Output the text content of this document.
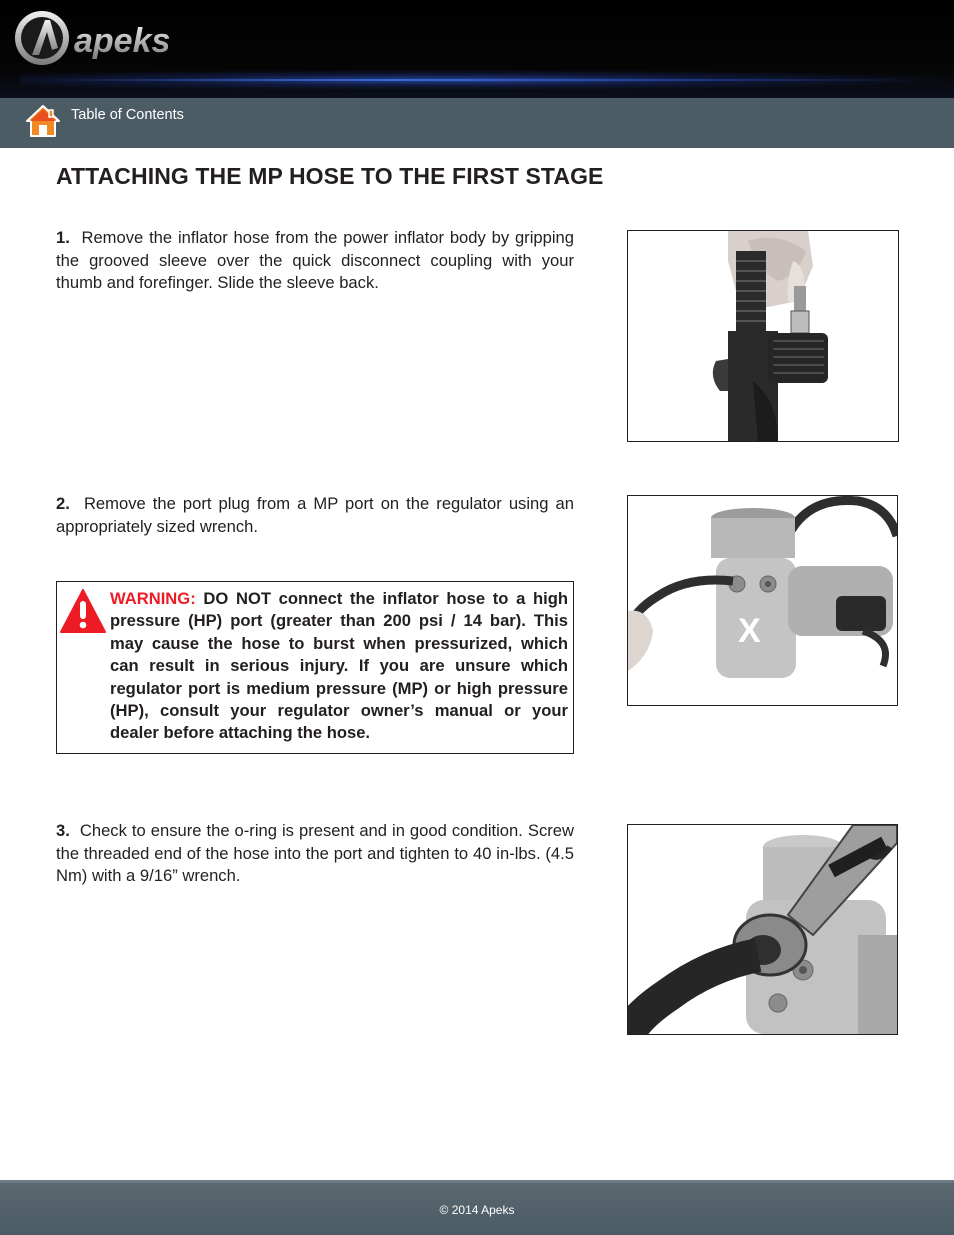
apeks
Table of Contents
ATTACHING THE MP HOSE TO THE FIRST STAGE

1. Remove the inflator hose from the power inflator body by gripping the grooved sleeve over the quick disconnect coupling with your thumb and forefinger. Slide the sleeve back.

2. Remove the port plug from a MP port on the regulator using an appropriately sized wrench.

X

WARNING: DO NOT connect the inflator hose to a high pressure (HP) port (greater than 200 psi / 14 bar). This may cause the hose to burst when pressurized, which can result in serious injury. If you are unsure which regulator port is medium pressure (MP) or high pressure (HP), consult your regulator owner’s manual or your dealer before attaching the hose.

3. Check to ensure the o-ring is present and in good condition. Screw the threaded end of the hose into the port and tighten to 40 in-lbs. (4.5 Nm) with a 9/16” wrench.

© 2014 Apeks
